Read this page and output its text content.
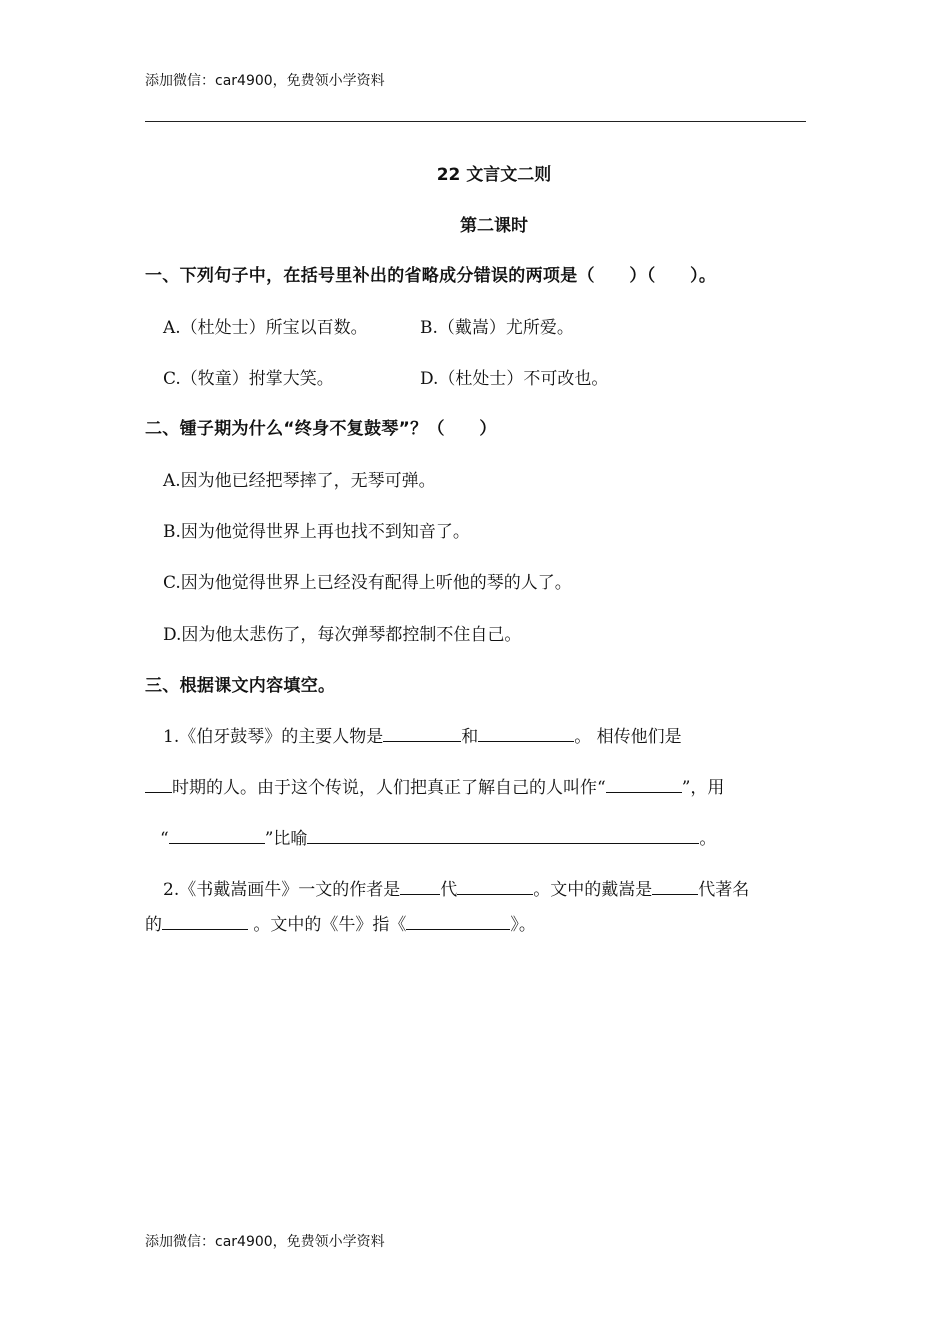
添加微信：car4900，免费领小学资料
22 文言文二则
第二课时
一、下列句子中，在括号里补出的省略成分错误的两项是（　　）（　　）。
A.（杜处士）所宝以百数。	B.（戴嵩）尤所爱。
C.（牧童）拊掌大笑。	D.（杜处士）不可改也。
二、锺子期为什么“终身不复鼓琴”？（　　）
A.因为他已经把琴摔了，无琴可弹。
B.因为他觉得世界上再也找不到知音了。
C.因为他觉得世界上已经没有配得上听他的琴的人了。
D.因为他太悲伤了，每次弹琴都控制不住自己。
三、根据课文内容填空。
1.《伯牙鼓琴》的主要人物是	和	。 相传他们是
时期的人。由于这个传说，人们把真正了解自己的人叫作“	”，用
“	”比喻	。
2.《书戴嵩画牛》一文的作者是 代	。文中的戴嵩是	代著名
的	。文中的《牛》指《	》。
添加微信：car4900，免费领小学资料
